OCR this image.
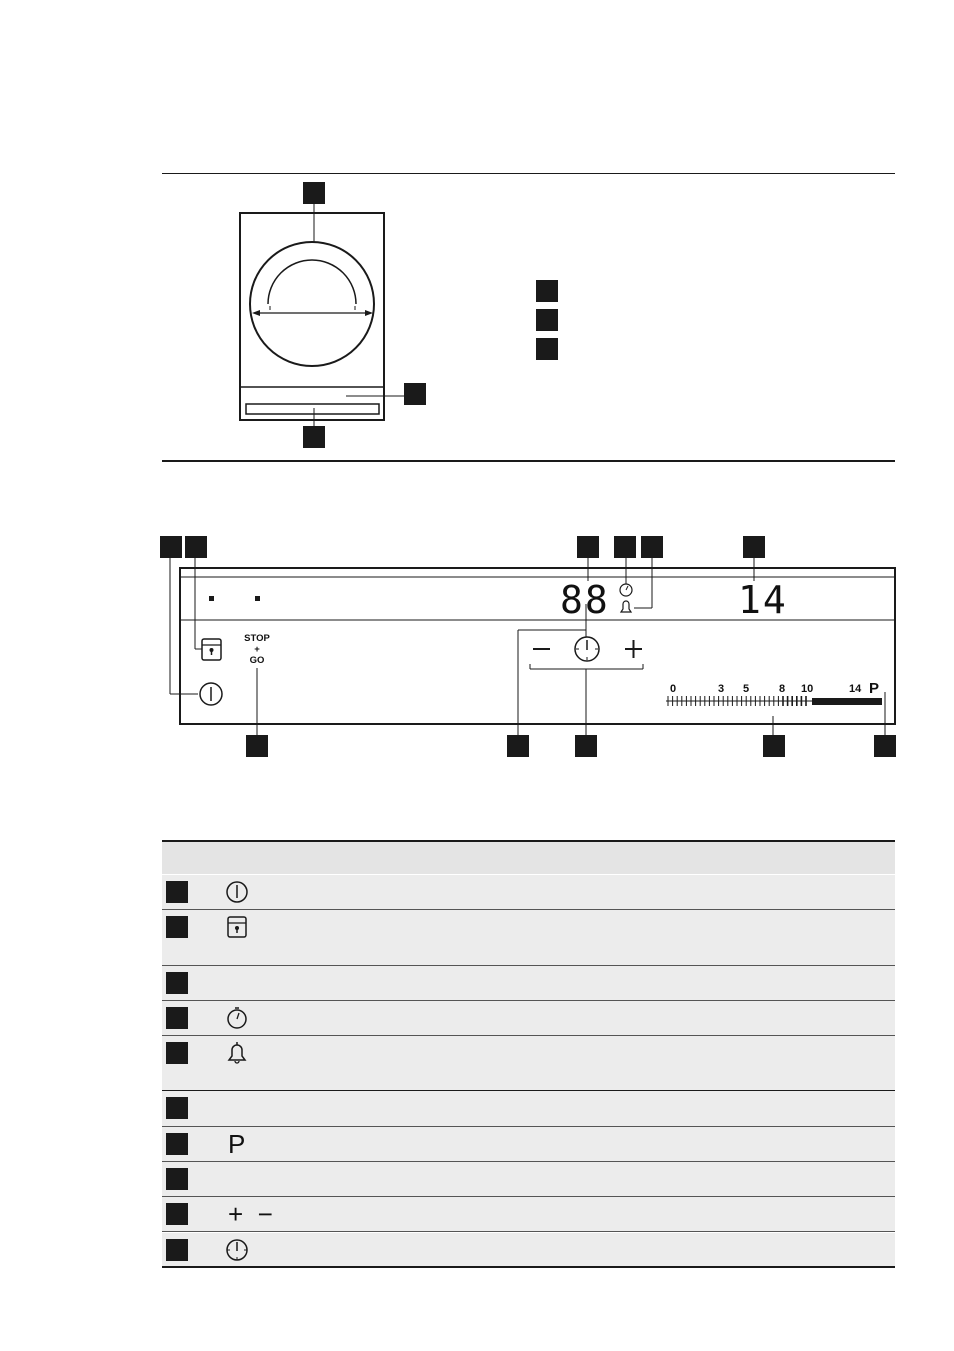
88	14
STOP
+
GO
0	3 5	8 10	14 P
P
+  −
